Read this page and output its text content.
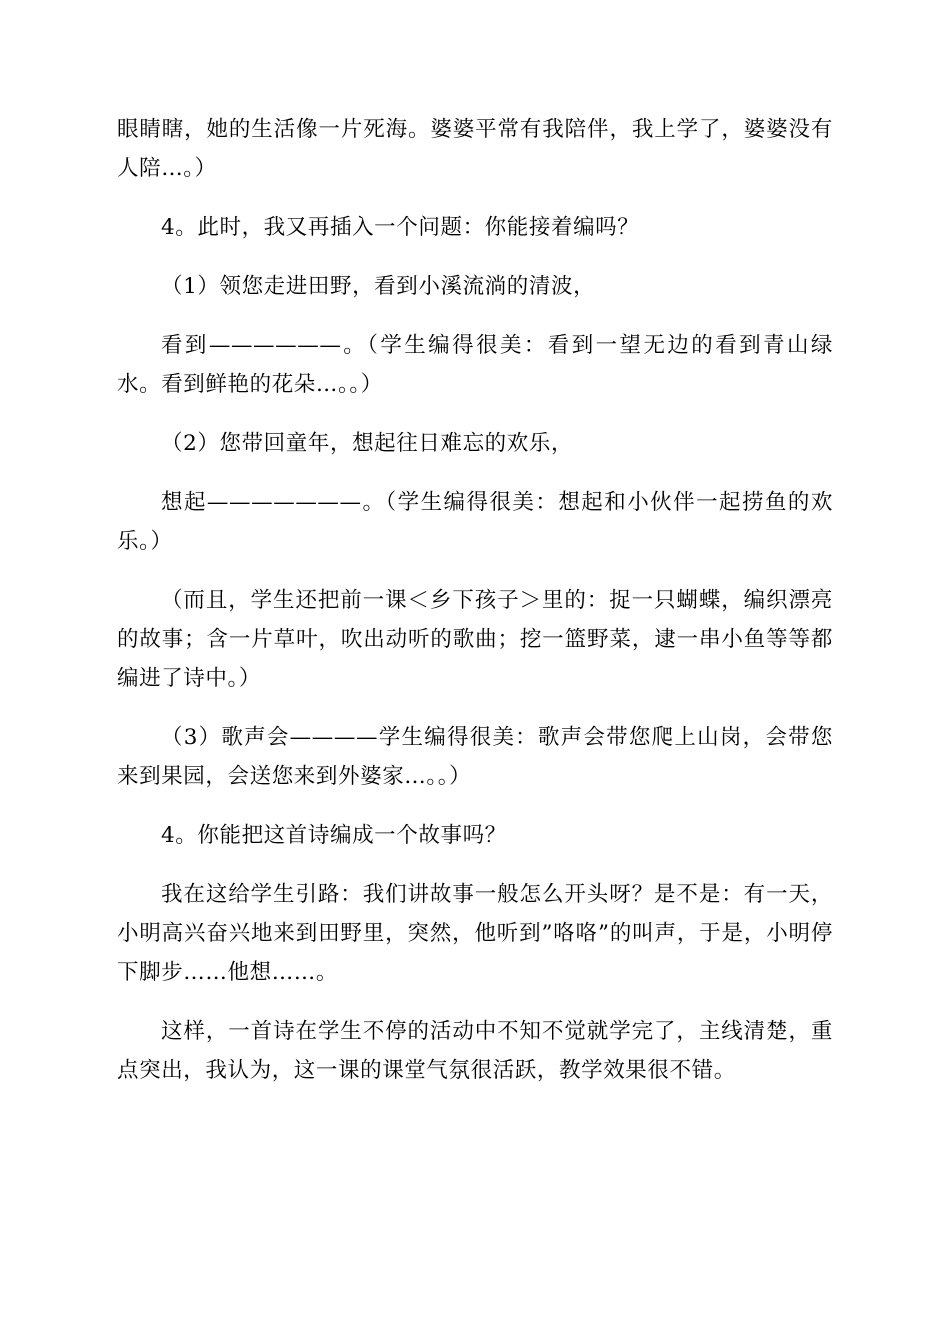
眼睛瞎，她的生活像一片死海。婆婆平常有我陪伴，我上学了，婆婆没有人陪…。）

4。此时，我又再插入一个问题：你能接着编吗？

（1）领您走进田野，看到小溪流淌的清波，

看到——————。（学生编得很美：看到一望无边的看到青山绿水。看到鲜艳的花朵…。。）

（2）您带回童年，想起往日难忘的欢乐，

想起———————。（学生编得很美：想起和小伙伴一起捞鱼的欢乐。）

（而且，学生还把前一课＜乡下孩子＞里的：捉一只蝴蝶，编织漂亮的故事；含一片草叶，吹出动听的歌曲；挖一篮野菜，逮一串小鱼等等都编进了诗中。）

（3）歌声会————学生编得很美：歌声会带您爬上山岗，会带您来到果园，会送您来到外婆家…。。）

4。你能把这首诗编成一个故事吗？

我在这给学生引路：我们讲故事一般怎么开头呀？是不是：有一天，小明高兴奋兴地来到田野里，突然，他听到”咯咯”的叫声，于是，小明停下脚步……他想……。

这样，一首诗在学生不停的活动中不知不觉就学完了，主线清楚，重点突出，我认为，这一课的课堂气氛很活跃，教学效果很不错。
